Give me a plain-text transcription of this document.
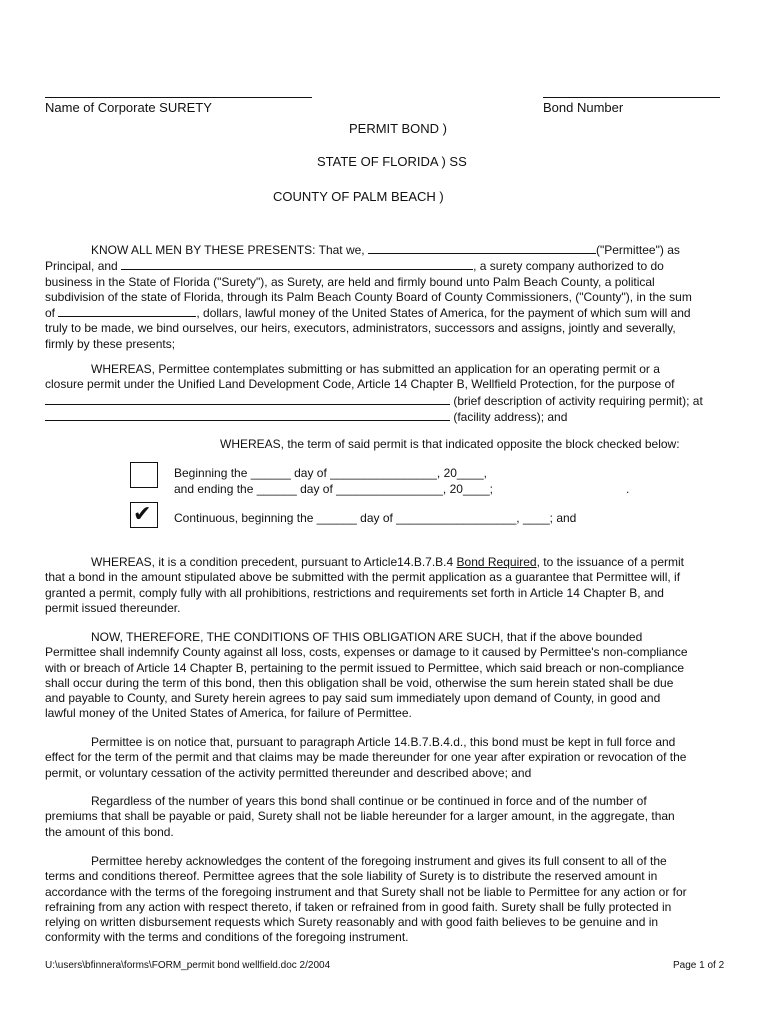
Name of Corporate SURETY	Bond Number
PERMIT BOND )
STATE OF FLORIDA ) SS
COUNTY OF PALM BEACH )
KNOW ALL MEN BY THESE PRESENTS: That we,	("Permittee") as
Principal, and	, a surety company authorized to do
business in the State of Florida ("Surety"), as Surety, are held and firmly bound unto Palm Beach County, a political
subdivision of the state of Florida, through its Palm Beach County Board of County Commissioners, ("County"), in the sum
of	, dollars, lawful money of the United States of America, for the payment of which sum will and
truly to be made, we bind ourselves, our heirs, executors, administrators, successors and assigns, jointly and severally,
firmly by these presents;
WHEREAS, Permittee contemplates submitting or has submitted an application for an operating permit or a
closure permit under the Unified Land Development Code, Article 14 Chapter B, Wellfield Protection, for the purpose of
(brief description of activity requiring permit); at
(facility address); and
WHEREAS, the term of said permit is that indicated opposite the block checked below:
Beginning the ______ day of ________________, 20____,
and ending the ______ day of ________________, 20____;	.
✔ Continuous, beginning the ______ day of __________________, ____; and
WHEREAS, it is a condition precedent, pursuant to Article14.B.7.B.4 Bond Required, to the issuance of a permit
that a bond in the amount stipulated above be submitted with the permit application as a guarantee that Permittee will, if
granted a permit, comply fully with all prohibitions, restrictions and requirements set forth in Article 14 Chapter B, and
permit issued thereunder.
NOW, THEREFORE, THE CONDITIONS OF THIS OBLIGATION ARE SUCH, that if the above bounded
Permittee shall indemnify County against all loss, costs, expenses or damage to it caused by Permittee's non-compliance
with or breach of Article 14 Chapter B, pertaining to the permit issued to Permittee, which said breach or non-compliance
shall occur during the term of this bond, then this obligation shall be void, otherwise the sum herein stated shall be due
and payable to County, and Surety herein agrees to pay said sum immediately upon demand of County, in good and
lawful money of the United States of America, for failure of Permittee.
Permittee is on notice that, pursuant to paragraph Article 14.B.7.B.4.d., this bond must be kept in full force and
effect for the term of the permit and that claims may be made thereunder for one year after expiration or revocation of the
permit, or voluntary cessation of the activity permitted thereunder and described above; and
Regardless of the number of years this bond shall continue or be continued in force and of the number of
premiums that shall be payable or paid, Surety shall not be liable hereunder for a larger amount, in the aggregate, than
the amount of this bond.
Permittee hereby acknowledges the content of the foregoing instrument and gives its full consent to all of the
terms and conditions thereof. Permittee agrees that the sole liability of Surety is to distribute the reserved amount in
accordance with the terms of the foregoing instrument and that Surety shall not be liable to Permittee for any action or for
refraining from any action with respect thereto, if taken or refrained from in good faith. Surety shall be fully protected in
relying on written disbursement requests which Surety reasonably and with good faith believes to be genuine and in
conformity with the terms and conditions of the foregoing instrument.
U:\users\bfinnera\forms\FORM_permit bond wellfield.doc 2/2004	Page 1 of 2
